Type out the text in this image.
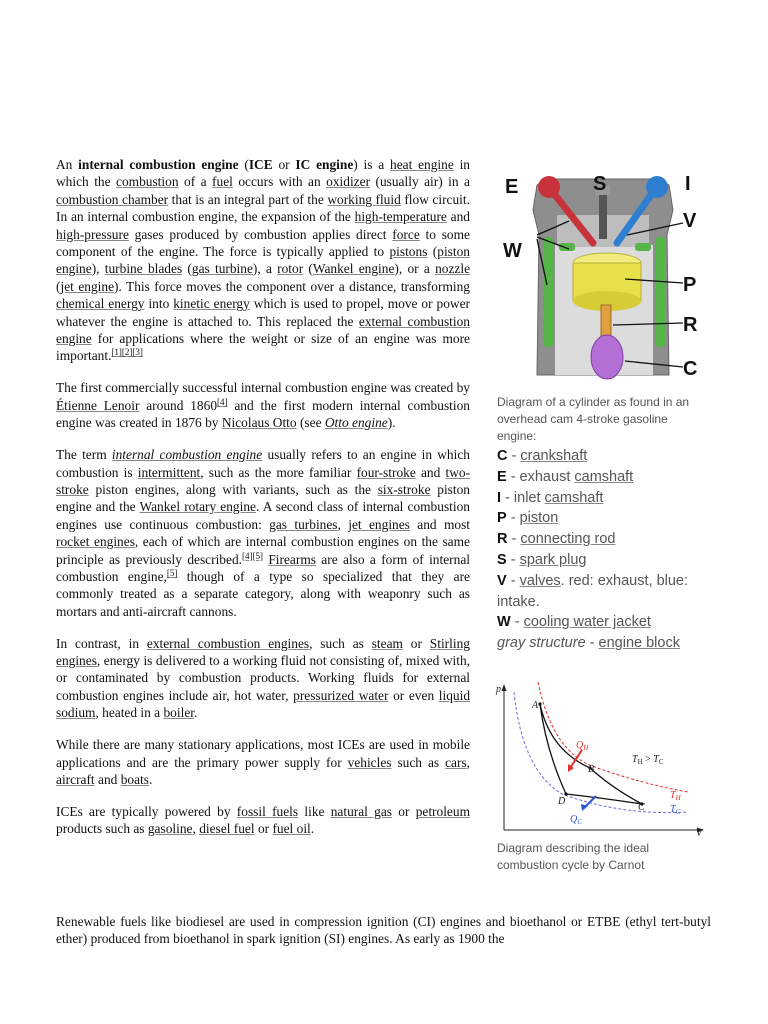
An internal combustion engine (ICE or IC engine) is a heat engine in which the combustion of a fuel occurs with an oxidizer (usually air) in a combustion chamber that is an integral part of the working fluid flow circuit. In an internal combustion engine, the expansion of the high-temperature and high-pressure gases produced by combustion applies direct force to some component of the engine. The force is typically applied to pistons (piston engine), turbine blades (gas turbine), a rotor (Wankel engine), or a nozzle (jet engine). This force moves the component over a distance, transforming chemical energy into kinetic energy which is used to propel, move or power whatever the engine is attached to. This replaced the external combustion engine for applications where the weight or size of an engine was more important.[1][2][3]

The first commercially successful internal combustion engine was created by Étienne Lenoir around 1860[4] and the first modern internal combustion engine was created in 1876 by Nicolaus Otto (see Otto engine).

The term internal combustion engine usually refers to an engine in which combustion is intermittent, such as the more familiar four-stroke and two-stroke piston engines, along with variants, such as the six-stroke piston engine and the Wankel rotary engine. A second class of internal combustion engines use continuous combustion: gas turbines, jet engines and most rocket engines, each of which are internal combustion engines on the same principle as previously described.[4][5] Firearms are also a form of internal combustion engine,[5] though of a type so specialized that they are commonly treated as a separate category, along with weaponry such as mortars and anti-aircraft cannons.

In contrast, in external combustion engines, such as steam or Stirling engines, energy is delivered to a working fluid not consisting of, mixed with, or contaminated by combustion products. Working fluids for external combustion engines include air, hot water, pressurized water or even liquid sodium, heated in a boiler.

While there are many stationary applications, most ICEs are used in mobile applications and are the primary power supply for vehicles such as cars, aircraft and boats.

ICEs are typically powered by fossil fuels like natural gas or petroleum products such as gasoline, diesel fuel or fuel oil.

Renewable fuels like biodiesel are used in compression ignition (CI) engines and bioethanol or ETBE (ethyl tert-butyl ether) produced from bioethanol in spark ignition (SI) engines. As early as 1900 the
E	S	I
V
W
P
R
C
Diagram of a cylinder as found in an overhead cam 4-stroke gasoline engine:
C - crankshaft
E - exhaust camshaft
I - inlet camshaft
P - piston
R - connecting rod
S - spark plug
V - valves. red: exhaust, blue: intake.
W - cooling water jacket
gray structure - engine block
p
V
A
B
C
D
$Q_H$
$Q_C$
$T_H$
$T_C$
$T_H > T_C$
Diagram describing the ideal combustion cycle by Carnot
